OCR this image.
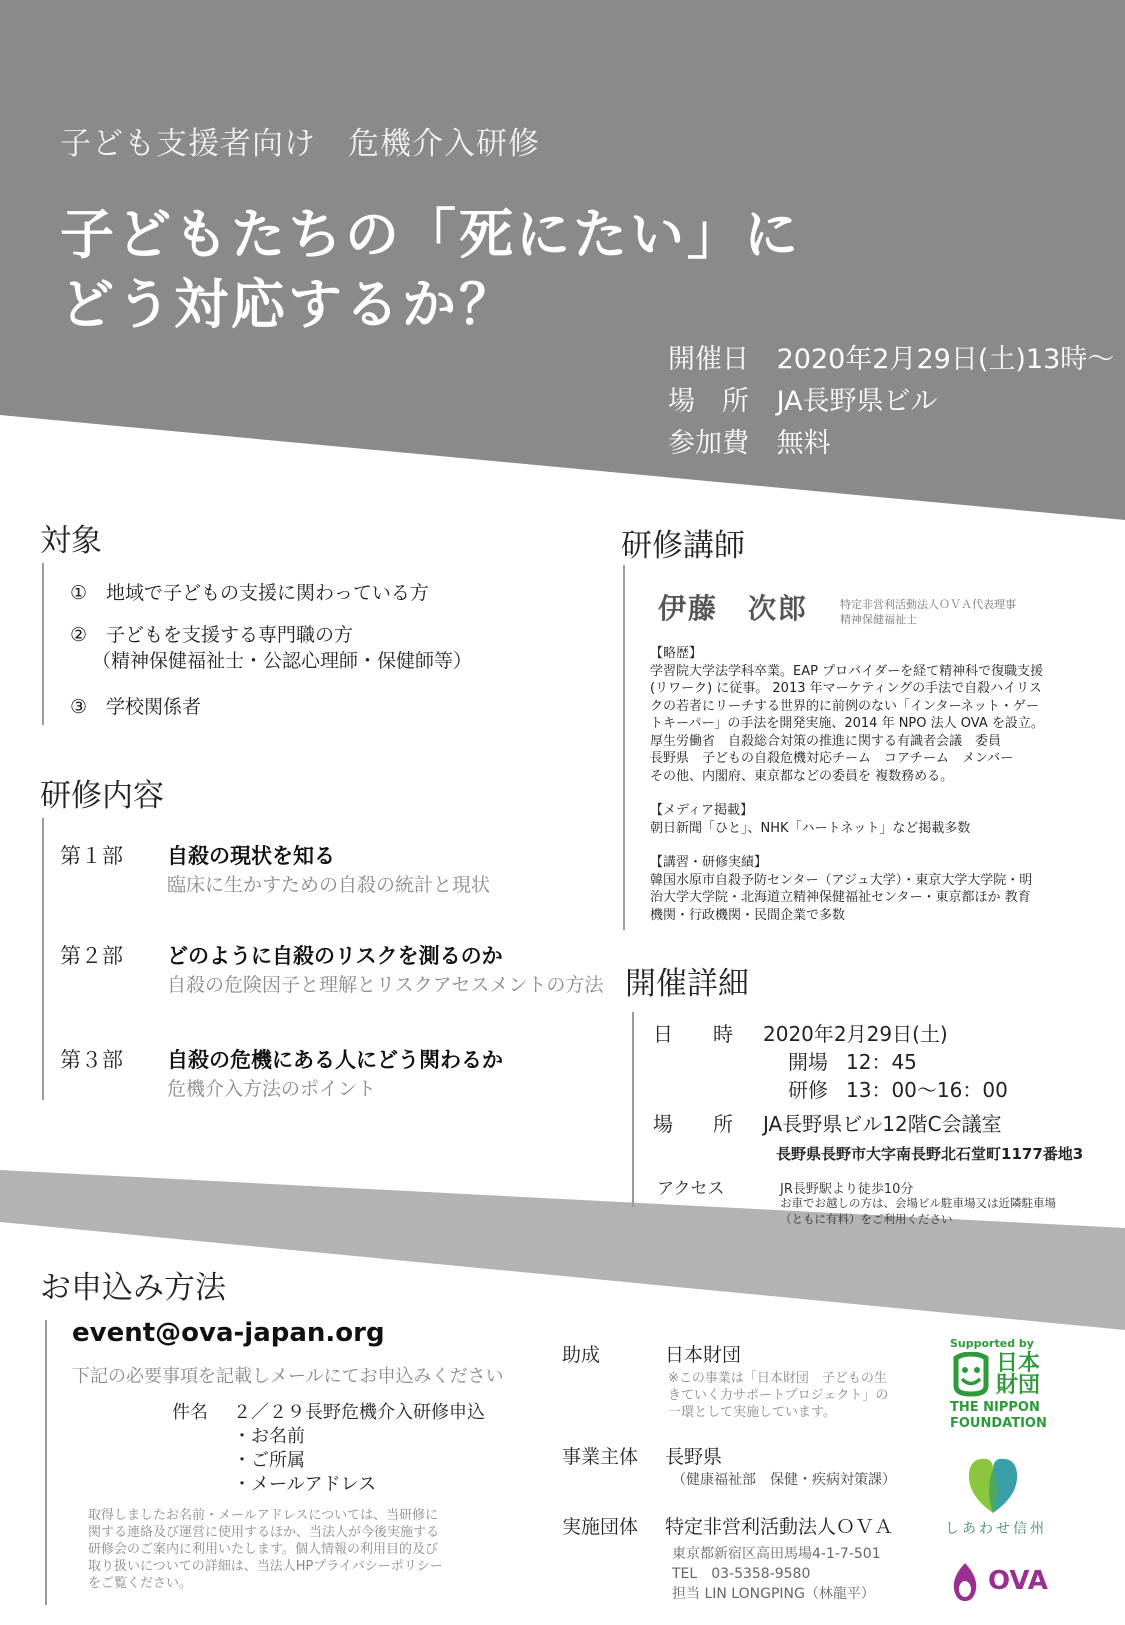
子ども支援者向け　危機介入研修
子どもたちの「死にたい」に
どう対応するか？
開催日 2020年2月29日(土)13時～
場　所 JA長野県ビル
参加費 無料
対象
①　地域で子どもの支援に関わっている方
②　子どもを支援する専門職の方
（精神保健福祉士・公認心理師・保健師等）
③　学校関係者
研修内容
第１部 自殺の現状を知る
臨床に生かすための自殺の統計と現状
第２部 どのように自殺のリスクを測るのか
自殺の危険因子と理解とリスクアセスメントの方法
第３部 自殺の危機にある人にどう関わるか
危機介入方法のポイント
研修講師
伊藤　次郎	特定非営利活動法人ＯＶＡ代表理事
精神保健福祉士
【略歴】
学習院大学法学科卒業。EAP プロバイダーを経て精神科で復職支援
(リワーク) に従事。 2013 年マーケティングの手法で自殺ハイリス
クの若者にリーチする世界的に前例のない「インターネット・ゲー
トキーパー」の手法を開発実施、2014 年 NPO 法人 OVA を設立。
厚生労働省　自殺総合対策の推進に関する有識者会議　委員
長野県　子どもの自殺危機対応チーム　コアチーム　メンバー
その他、内閣府、東京都などの委員を 複数務める。
【メディア掲載】
朝日新聞「ひと」、NHK「ハートネット」など掲載多数
【講習・研修実績】
韓国水原市自殺予防センター（アジュ大学）・東京大学大学院・明
治大学大学院・北海道立精神保健福祉センター・東京都ほか 教育
機関・行政機関・民間企業で多数
開催詳細
日　　時 2020年2月29日(土)
開場 12：45
研修 13：00～16：00
場　　所 JA長野県ビル12階C会議室
長野県長野市大字南長野北石堂町1177番地3
アクセス	JR長野駅より徒歩10分
お車でお越しの方は、会場ビル駐車場又は近隣駐車場
（ともに有料）をご利用ください
お申込み方法
event@ova-japan.org
下記の必要事項を記載しメールにてお申込みください
件名 ２／２９長野危機介入研修申込
・お名前
・ご所属
・メールアドレス
取得しましたお名前・メールアドレスについては、当研修に
関する連絡及び運営に使用するほか、当法人が今後実施する
研修会のご案内に利用いたします。個人情報の利用目的及び
取り扱いについての詳細は、当法人HPプライバシーポリシー
をご覧ください。
助成	日本財団
※この事業は「日本財団　子どもの生
きていく力サポートプロジェクト」の
一環として実施しています。
事業主体 長野県
（健康福祉部　保健・疾病対策課）
実施団体 特定非営利活動法人ＯＶＡ
東京都新宿区高田馬場4-1-7-501
TEL　03-5358-9580
担当 LIN LONGPING（林龍平）
Supported by
日本
財団
THE NIPPON
FOUNDATION
しあわせ信州
OVA
